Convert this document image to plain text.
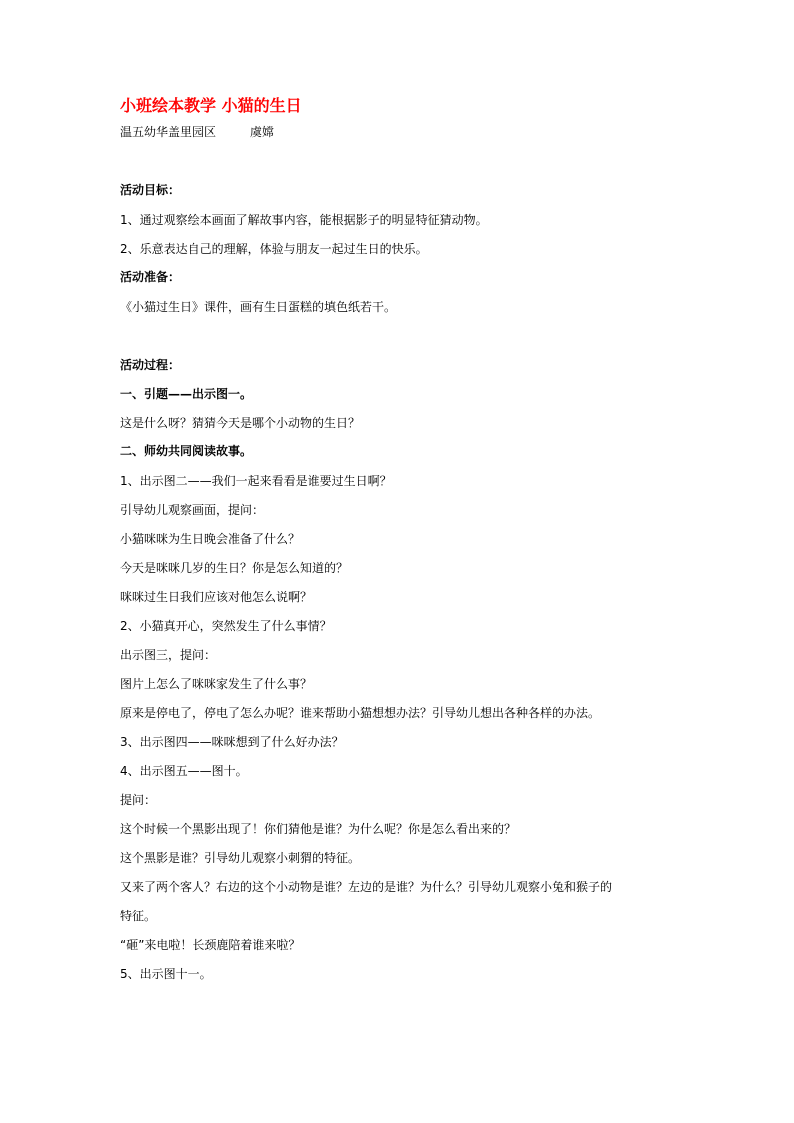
小班绘本教学 小猫的生日
温五幼华盖里园区	虞嫦
活动目标：
1、通过观察绘本画面了解故事内容，能根据影子的明显特征猜动物。
2、乐意表达自己的理解，体验与朋友一起过生日的快乐。
活动准备：
《小猫过生日》课件，画有生日蛋糕的填色纸若干。
活动过程：
一、引题——出示图一。
这是什么呀？猜猜今天是哪个小动物的生日？
二、师幼共同阅读故事。
1、出示图二——我们一起来看看是谁要过生日啊？
引导幼儿观察画面，提问：
小猫咪咪为生日晚会准备了什么？
今天是咪咪几岁的生日？你是怎么知道的？
咪咪过生日我们应该对他怎么说啊？
2、小猫真开心，突然发生了什么事情？
出示图三，提问：
图片上怎么了咪咪家发生了什么事？
原来是停电了，停电了怎么办呢？谁来帮助小猫想想办法？引导幼儿想出各种各样的办法。
3、出示图四——咪咪想到了什么好办法？
4、出示图五——图十。
提问：
这个时候一个黑影出现了！你们猜他是谁？为什么呢？你是怎么看出来的？
这个黑影是谁？引导幼儿观察小刺猬的特征。
又来了两个客人？右边的这个小动物是谁？左边的是谁？为什么？引导幼儿观察小兔和猴子的
特征。
“砸”来电啦！长颈鹿陪着谁来啦？
5、出示图十一。
